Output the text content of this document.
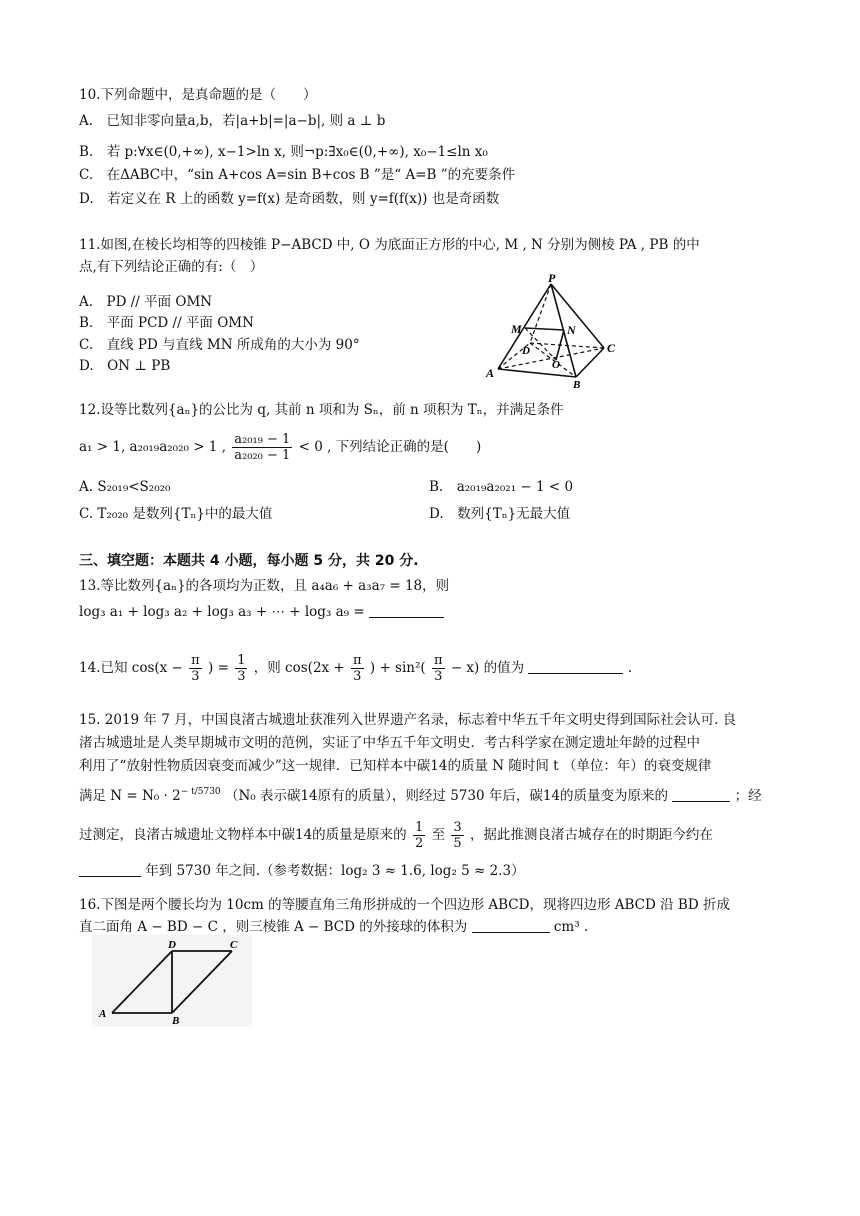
10.下列命题中，是真命题的是（　　）
A.　已知非零向量a,b，若|a+b|=|a−b|, 则 a ⊥ b
B.　若 p:∀x∈(0,+∞), x−1>ln x, 则¬p:∃x₀∈(0,+∞), x₀−1≤ln x₀
C.　在ΔABC中，“sin A+cos A=sin B+cos B ”是“ A=B ”的充要条件
D.　若定义在 R 上的函数 y=f(x) 是奇函数，则 y=f(f(x)) 也是奇函数
11.如图,在棱长均相等的四棱锥 P−ABCD 中, O 为底面正方形的中心, M , N 分别为侧棱 PA , PB 的中
点,有下列结论正确的有:（　）
A.　PD // 平面 OMN
B.　平面 PCD // 平面 OMN
C.　直线 PD 与直线 MN 所成角的大小为 90°
D.　ON ⊥ PB
P
M	N
D
O
C
A
B
12.设等比数列{aₙ}的公比为 q, 其前 n 项和为 Sₙ，前 n 项积为 Tₙ，并满足条件
a₁ > 1, a₂₀₁₉a₂₀₂₀ > 1 , $\frac{\text{a₂₀₁₉ − 1}}{\text{a₂₀₂₀ − 1}} < 0$ , 下列结论正确的是(　　)
A. S₂₀₁₉<S₂₀₂₀	B.　a₂₀₁₉a₂₀₂₁ − 1 < 0
C. T₂₀₂₀ 是数列{Tₙ}中的最大值	D.　数列{Tₙ}无最大值
三、填空题：本题共 4 小题，每小题 5 分，共 20 分.
13.等比数列{aₙ}的各项均为正数，且 a₄a₆ + a₃a₇ = 18，则
log₃ a₁ + log₃ a₂ + log₃ a₃ + ⋯ + log₃ a₉ =
14.已知 $\cos(x - \frac{\pi}{3}$ ) = $\frac{1}{3}$ ，则 $\cos(2x + \frac{\pi}{3}$ ) + $\sin^2( \frac{\pi}{3} - x)$ 的值为	.
15. 2019 年 7 月，中国良渚古城遗址获准列入世界遗产名录，标志着中华五千年文明史得到国际社会认可. 良
渚古城遗址是人类早期城市文明的范例，实证了中华五千年文明史．考古科学家在测定遗址年龄的过程中
利用了“放射性物质因衰变而减少”这一规律．已知样本中碳14的质量 N 随时间 t （单位：年）的衰变规律
满足 $N = N_0 \cdot 2^{- t/5730}$ （N₀ 表示碳14原有的质量），则经过 5730 年后，碳14的质量变为原来的	；经
过测定，良渚古城遗址文物样本中碳14的质量是原来的 $\frac{1}{2}$ 至 $\frac{3}{5}$ ，据此推测良渚古城存在的时期距今约在
年到 5730 年之间.（参考数据：log₂ 3 ≈ 1.6, log₂ 5 ≈ 2.3）
16.下图是两个腰长均为 10cm 的等腰直角三角形拼成的一个四边形 ABCD，现将四边形 ABCD 沿 BD 折成
直二面角 A − BD − C ，则三棱锥 A − BCD 的外接球的体积为	cm³ .
D	C
A
B
